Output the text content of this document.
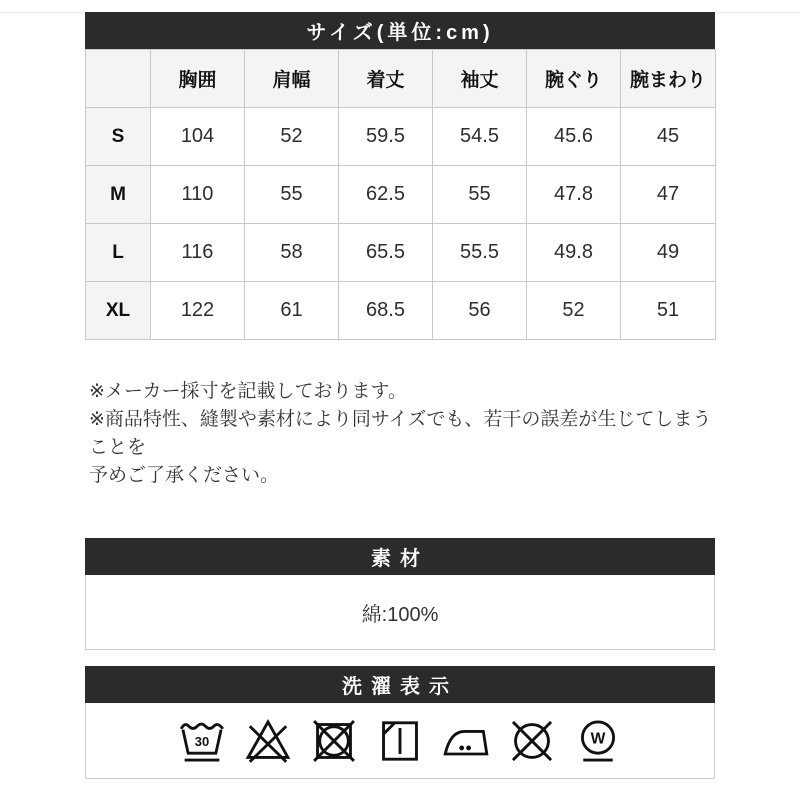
サイズ(単位:cm)
	胸囲	肩幅	着丈	袖丈	腕ぐり	腕まわり
S	104	52	59.5	54.5	45.6	45
M	110	55	62.5	55	47.8	47
L	116	58	65.5	55.5	49.8	49
XL	122	61	68.5	56	52	51
※メーカー採寸を記載しております。
※商品特性、縫製や素材により同サイズでも、若干の誤差が生じてしまう
ことを
予めご了承ください。
素材
綿:100%
洗濯表示
30	W
